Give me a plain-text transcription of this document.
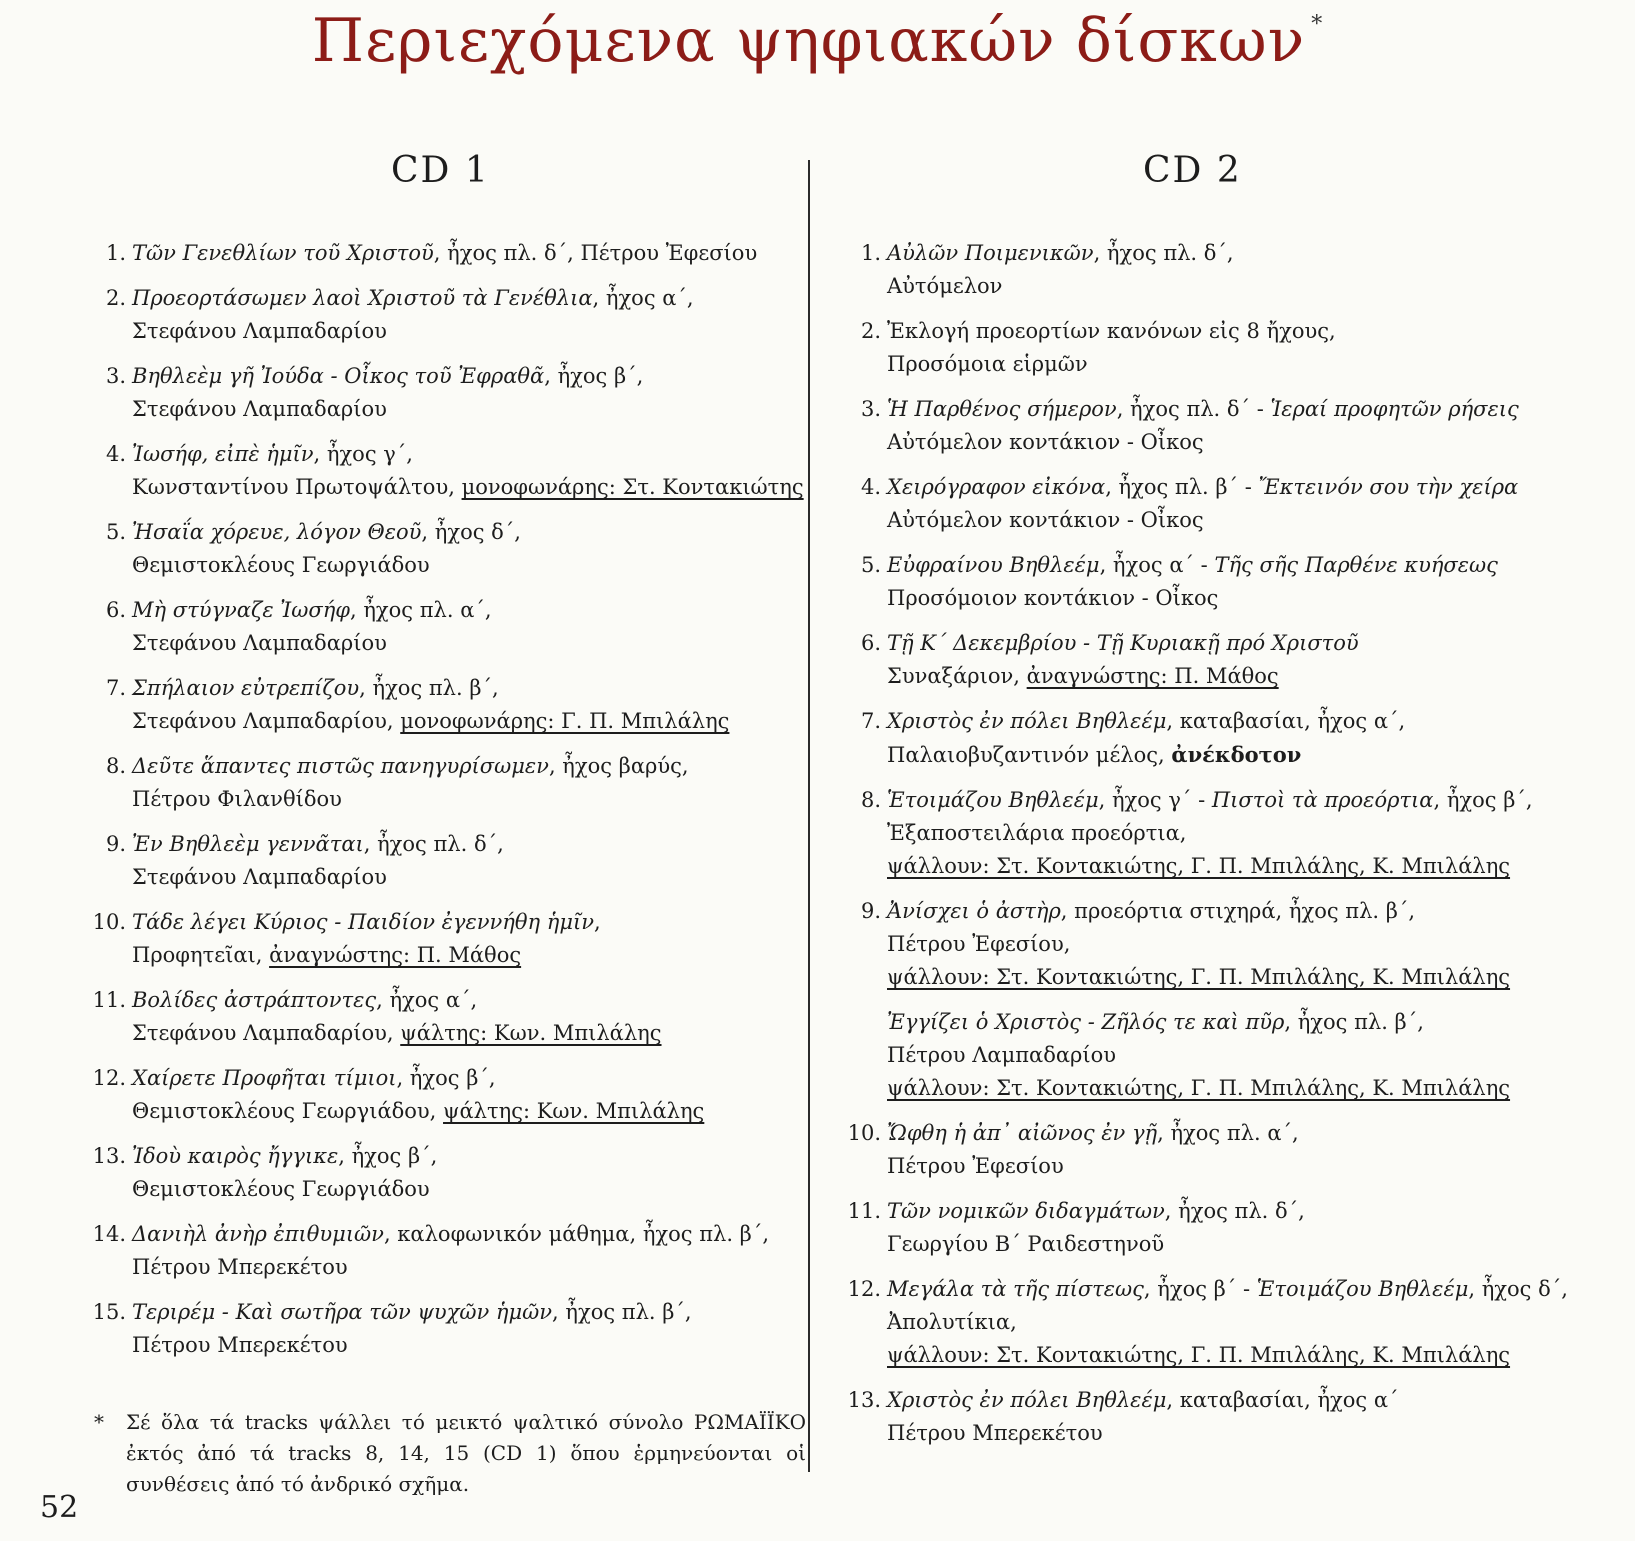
Περιεχόμενα ψηφιακών δίσκων *
CD 1	CD 2
1. Τῶν Γενεθλίων τοῦ Χριστοῦ, ἦχος πλ. δ΄, Πέτρου Ἐφεσίου
2. Προεορτάσωμεν λαοὶ Χριστοῦ τὰ Γενέθλια, ἦχος α΄,
Στεφάνου Λαμπαδαρίου
3. Βηθλεὲμ γῆ Ἰούδα - Οἶκος τοῦ Ἐφραθᾶ, ἦχος β΄,
Στεφάνου Λαμπαδαρίου
4. Ἰωσήφ, εἰπὲ ἡμῖν, ἦχος γ΄,
Κωνσταντίνου Πρωτοψάλτου, μονοφωνάρης: Στ. Κοντακιώτης
5. Ἠσαΐα χόρευε, λόγον Θεοῦ, ἦχος δ΄,
Θεμιστοκλέους Γεωργιάδου
6. Μὴ στύγναζε Ἰωσήφ, ἦχος πλ. α΄,
Στεφάνου Λαμπαδαρίου
7. Σπήλαιον εὐτρεπίζου, ἦχος πλ. β΄,
Στεφάνου Λαμπαδαρίου, μονοφωνάρης: Γ. Π. Μπιλάλης
8. Δεῦτε ἅπαντες πιστῶς πανηγυρίσωμεν, ἦχος βαρύς,
Πέτρου Φιλανθίδου
9. Ἐν Βηθλεὲμ γεννᾶται, ἦχος πλ. δ΄,
Στεφάνου Λαμπαδαρίου
10. Τάδε λέγει Κύριος - Παιδίον ἐγεννήθη ἡμῖν,
Προφητεῖαι, ἀναγνώστης: Π. Μάθος
11. Βολίδες ἀστράπτοντες, ἦχος α΄,
Στεφάνου Λαμπαδαρίου, ψάλτης: Κων. Μπιλάλης
12. Χαίρετε Προφῆται τίμιοι, ἦχος β΄,
Θεμιστοκλέους Γεωργιάδου, ψάλτης: Κων. Μπιλάλης
13. Ἰδοὺ καιρὸς ἤγγικε, ἦχος β΄,
Θεμιστοκλέους Γεωργιάδου
14. Δανιὴλ ἀνὴρ ἐπιθυμιῶν, καλοφωνικόν μάθημα, ἦχος πλ. β΄,
Πέτρου Μπερεκέτου
15. Τεριρέμ - Καὶ σωτῆρα τῶν ψυχῶν ἡμῶν, ἦχος πλ. β΄,
Πέτρου Μπερεκέτου
1. Αὐλῶν Ποιμενικῶν, ἦχος πλ. δ΄,
Αὐτόμελον
2. Ἐκλογή προεορτίων κανόνων εἰς 8 ἤχους,
Προσόμοια εἱρμῶν
3. Ἡ Παρθένος σήμερον, ἦχος πλ. δ΄ - Ἱεραί προφητῶν ρήσεις
Αὐτόμελον κοντάκιον - Οἶκος
4. Χειρόγραφον εἰκόνα, ἦχος πλ. β΄ - Ἔκτεινόν σου τὴν χείρα
Αὐτόμελον κοντάκιον - Οἶκος
5. Εὐφραίνου Βηθλεέμ, ἦχος α΄ - Τῆς σῆς Παρθένε κυήσεως
Προσόμοιον κοντάκιον - Οἶκος
6. Τῇ Κ΄ Δεκεμβρίου - Τῇ Κυριακῇ πρό Χριστοῦ
Συναξάριον, ἀναγνώστης: Π. Μάθος
7. Χριστὸς ἐν πόλει Βηθλεέμ, καταβασίαι, ἦχος α΄,
Παλαιοβυζαντινόν μέλος, ἀνέκδοτον
8. Ἑτοιμάζου Βηθλεέμ, ἦχος γ΄ - Πιστοὶ τὰ προεόρτια, ἦχος β΄,
Ἐξαποστειλάρια προεόρτια,
ψάλλουν: Στ. Κοντακιώτης, Γ. Π. Μπιλάλης, Κ. Μπιλάλης
9. Ἀνίσχει ὁ ἀστὴρ, προεόρτια στιχηρά, ἦχος πλ. β΄,
Πέτρου Ἐφεσίου,
ψάλλουν: Στ. Κοντακιώτης, Γ. Π. Μπιλάλης, Κ. Μπιλάλης
Ἐγγίζει ὁ Χριστὸς - Ζῆλός τε καὶ πῦρ, ἦχος πλ. β΄,
Πέτρου Λαμπαδαρίου
ψάλλουν: Στ. Κοντακιώτης, Γ. Π. Μπιλάλης, Κ. Μπιλάλης
10. Ὤφθη ἡ ἀπ᾽ αἰῶνος ἐν γῇ, ἦχος πλ. α΄,
Πέτρου Ἐφεσίου
11. Τῶν νομικῶν διδαγμάτων, ἦχος πλ. δ΄,
Γεωργίου Β΄ Ραιδεστηνοῦ
12. Μεγάλα τὰ τῆς πίστεως, ἦχος β΄ - Ἑτοιμάζου Βηθλεέμ, ἦχος δ΄,
Ἀπολυτίκια,
ψάλλουν: Στ. Κοντακιώτης, Γ. Π. Μπιλάλης, Κ. Μπιλάλης
13. Χριστὸς ἐν πόλει Βηθλεέμ, καταβασίαι, ἦχος α΄
Πέτρου Μπερεκέτου
* Σέ ὅλα τά tracks ψάλλει τό μεικτό ψαλτικό σύνολο ΡΩΜΑΪΪΚΟ ἐκτός ἀπό τά tracks 8, 14, 15 (CD 1) ὅπου ἑρμηνεύονται οἱ συνθέσεις ἀπό τό ἀνδρικό σχῆμα.
52
